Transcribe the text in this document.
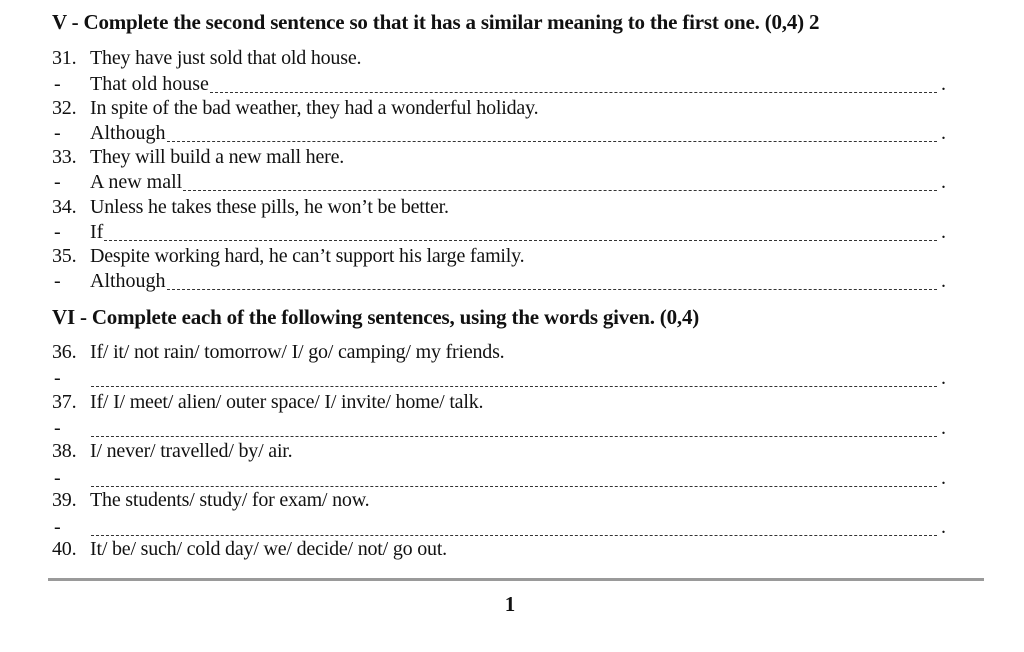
V - Complete the second sentence so that it has a similar meaning to the first one. (0,4) 2
31. They have just sold that old house.
-	That old house	.
32. In spite of the bad weather, they had a wonderful holiday.
-	Although	.
33. They will build a new mall here.
-	A new mall	.
34. Unless he takes these pills, he won’t be better.
-	If	.
35. Despite working hard, he can’t support his large family.
-	Although	.
VI - Complete each of the following sentences, using the words given. (0,4)
36. If/ it/ not rain/ tomorrow/ I/ go/ camping/ my friends.
-	.
37. If/ I/ meet/ alien/ outer space/ I/ invite/ home/ talk.
-	.
38. I/ never/ travelled/ by/ air.
-	.
39. The students/ study/ for exam/ now.
-	.
40. It/ be/ such/ cold day/ we/ decide/ not/ go out.
1
